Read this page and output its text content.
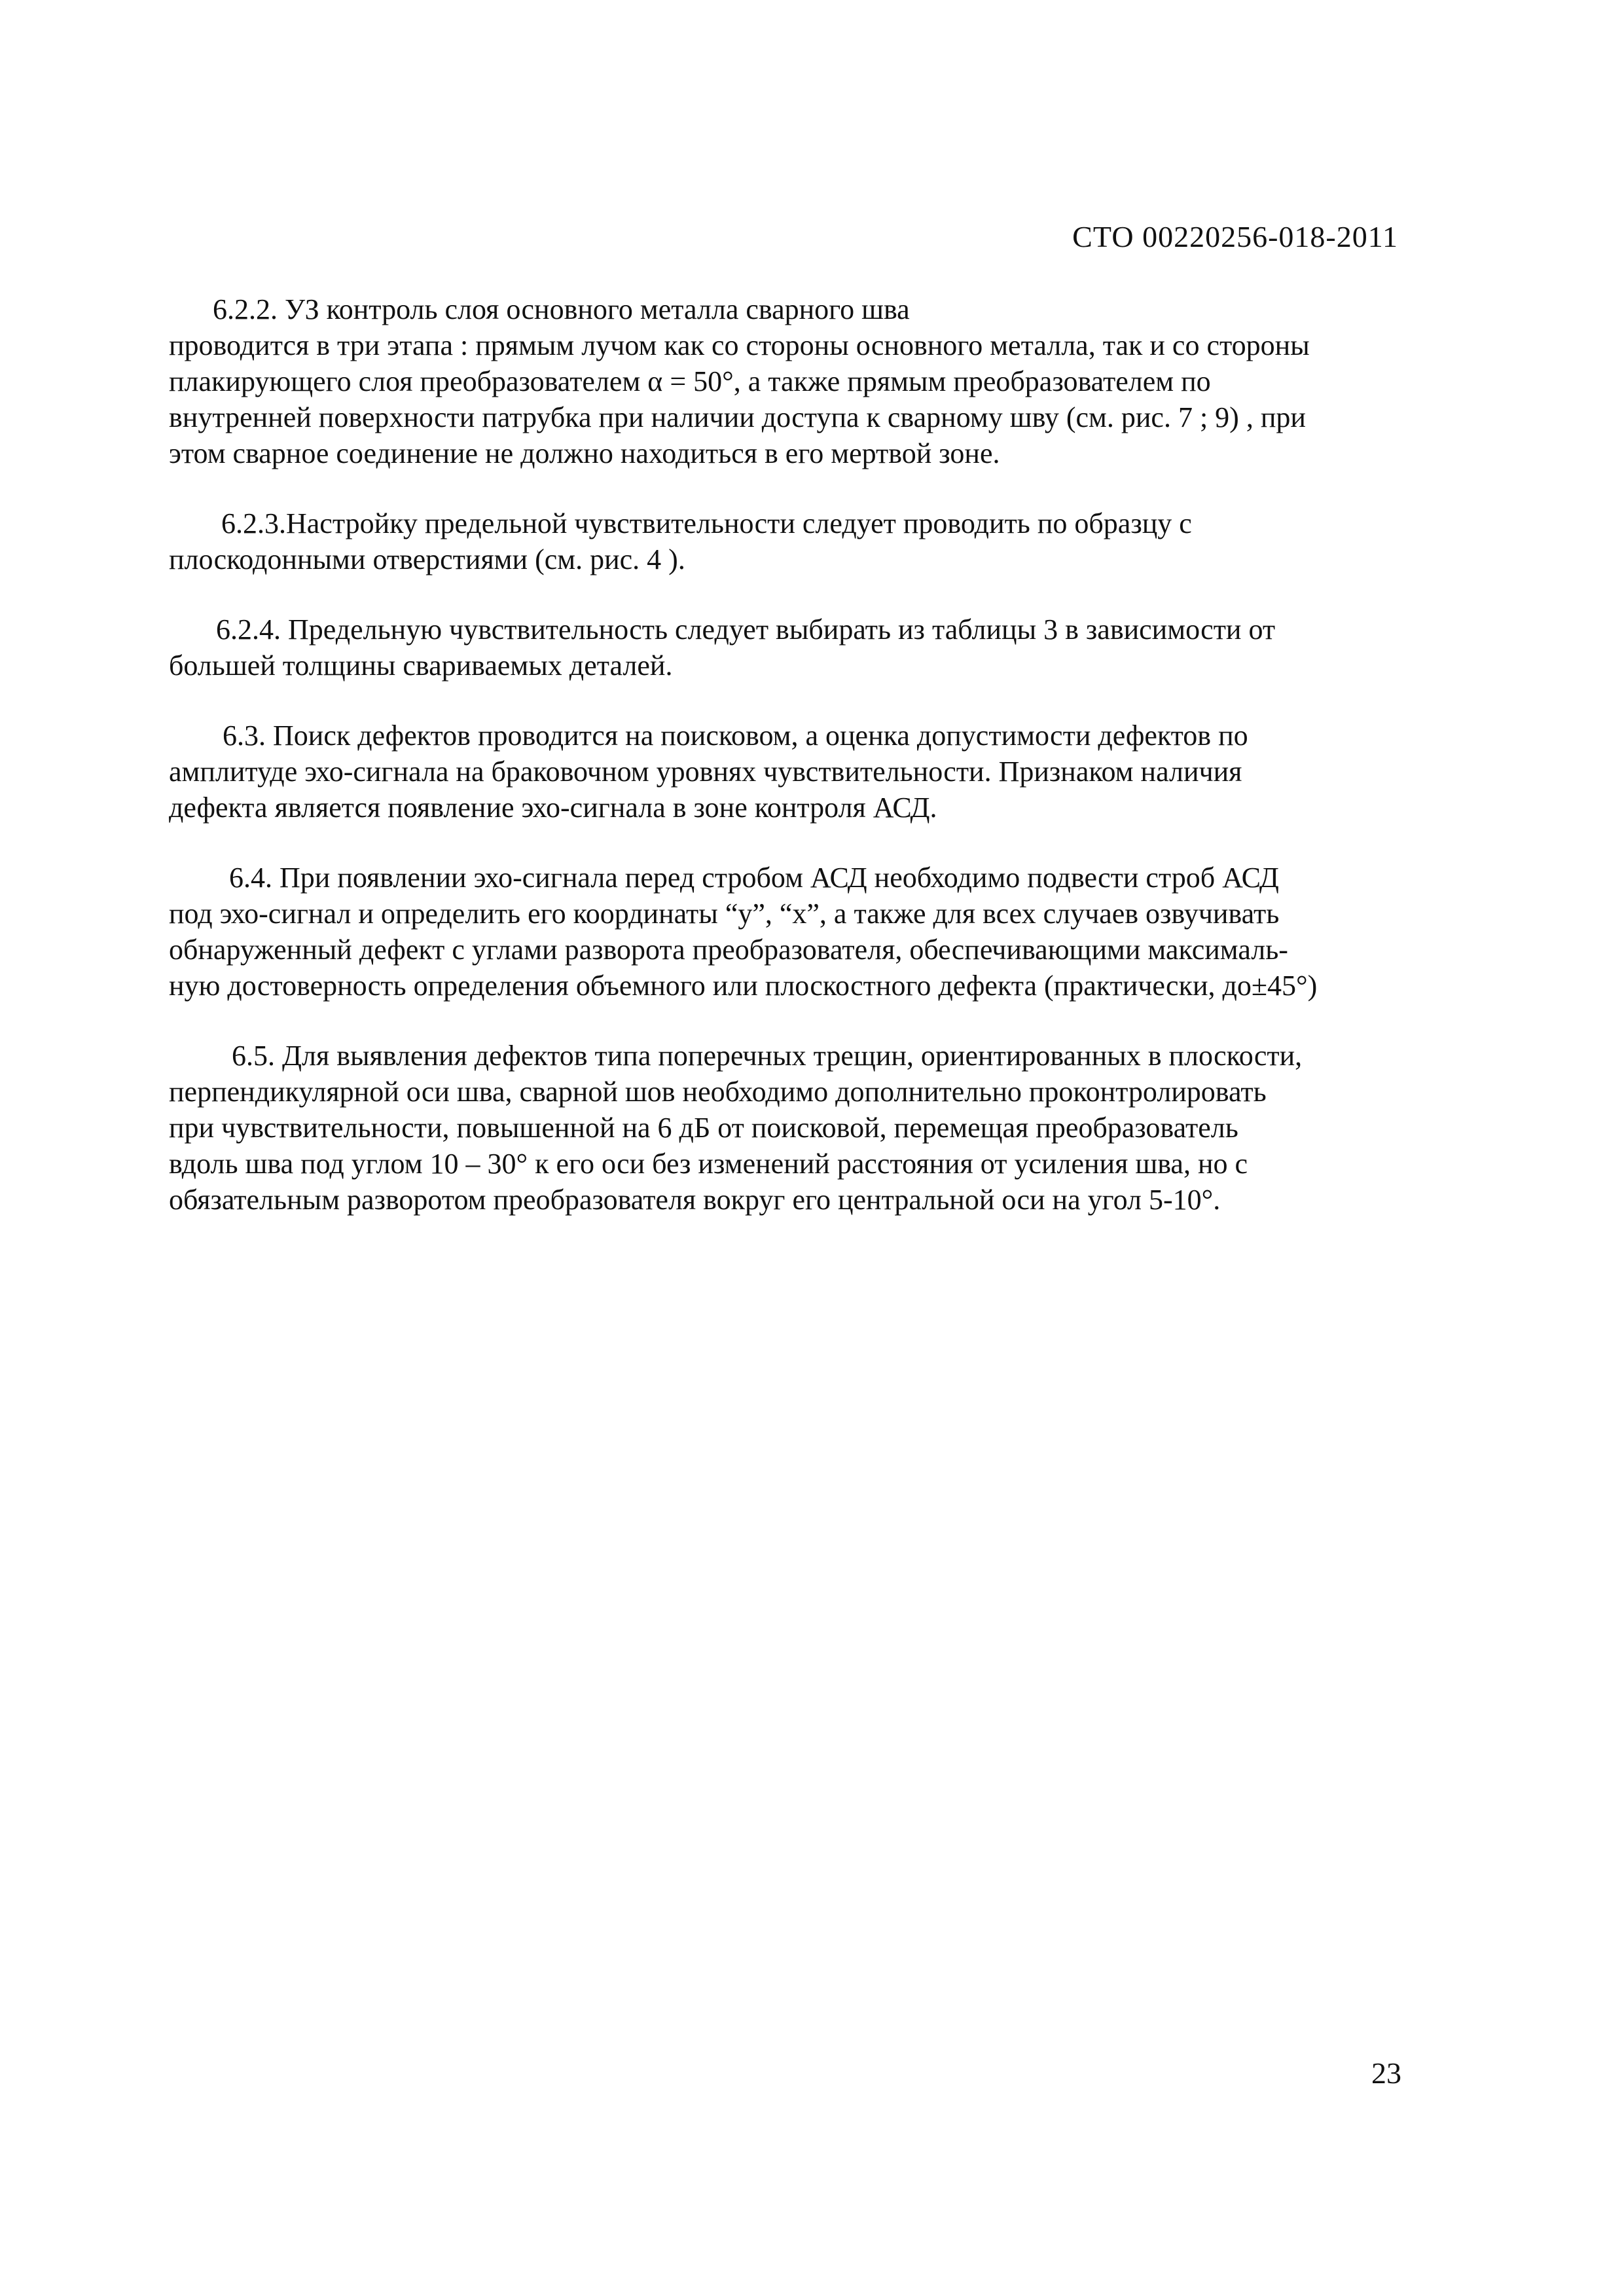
СТО 00220256-018-2011
6.2.2. УЗ контроль слоя основного металла сварного шва
проводится в три этапа : прямым лучом как со стороны основного металла, так и со стороны
плакирующего слоя преобразователем α = 50°, а также прямым преобразователем по
внутренней поверхности патрубка при наличии доступа к сварному шву (см. рис. 7 ; 9) , при
этом сварное соединение не должно находиться в его мертвой зоне.
6.2.3.Настройку предельной чувствительности следует проводить по образцу с
плоскодонными отверстиями (см. рис. 4 ).
6.2.4. Предельную чувствительность следует выбирать из таблицы 3 в зависимости от
большей толщины свариваемых деталей.
6.3. Поиск дефектов проводится на поисковом, а оценка допустимости дефектов по
амплитуде эхо-сигнала на браковочном уровнях чувствительности. Признаком наличия
дефекта является появление эхо-сигнала в зоне контроля АСД.
6.4. При появлении эхо-сигнала перед стробом АСД необходимо подвести строб АСД
под эхо-сигнал и определить его координаты “у”, “х”, а также для всех случаев озвучивать
обнаруженный дефект с углами разворота преобразователя, обеспечивающими максималь-
ную достоверность определения объемного или плоскостного дефекта (практически, до±45°)
6.5. Для выявления дефектов типа поперечных трещин, ориентированных в плоскости,
перпендикулярной оси шва, сварной шов необходимо дополнительно проконтролировать
при чувствительности, повышенной на 6 дБ от поисковой, перемещая преобразователь
вдоль шва под углом 10 – 30° к его оси без изменений расстояния от усиления шва, но с
обязательным разворотом преобразователя вокруг его центральной оси на угол 5-10°.
23
